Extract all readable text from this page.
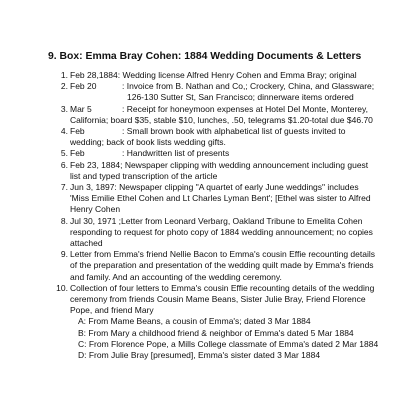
9. Box: Emma Bray Cohen: 1884 Wedding Documents & Letters
1. Feb 28,1884: Wedding license Alfred Henry Cohen and Emma Bray; original
2. Feb 20	: Invoice from B. Nathan and Co,; Crockery, China, and Glassware;
126-130 Sutter St, San Francisco; dinnerware items ordered
3. Mar 5	: Receipt for honeymoon expenses at Hotel Del Monte, Monterey,
California; board $35, stable $10, lunches, .50, telegrams $1.20-total due $46.70
4. Feb	: Small brown book with alphabetical list of guests invited to
wedding; back of book lists wedding gifts.
5. Feb	: Handwritten list of presents
6. Feb 23, 1884; Newspaper clipping with wedding announcement including guest
list and typed transcription of the article
7. Jun 3, 1897: Newspaper clipping "A quartet of early June weddings" includes
'Miss Emilie Ethel Cohen and Lt Charles Lyman Bent'; [Ethel was sister to Alfred
Henry Cohen
8. Jul 30, 1971 ;Letter from Leonard Verbarg, Oakland Tribune to Emelita Cohen
responding to request for photo copy of 1884 wedding announcement; no copies
attached
9. Letter from Emma's friend Nellie Bacon to Emma's cousin Effie recounting details
of the preparation and presentation of the wedding quilt made by Emma's friends
and family. And an accounting of the wedding ceremony.
10. Collection of four letters to Emma's cousin Effie recounting details of the wedding
ceremony from friends Cousin Mame Beans, Sister Julie Bray, Friend Florence
Pope, and friend Mary
A: From Mame Beans, a cousin of Emma's; dated 3 Mar 1884
B: From Mary a childhood friend & neighbor of Emma's dated 5 Mar 1884
C: From Florence Pope, a Mills College classmate of Emma's dated 2 Mar 1884
D: From Julie Bray [presumed], Emma's sister dated 3 Mar 1884
